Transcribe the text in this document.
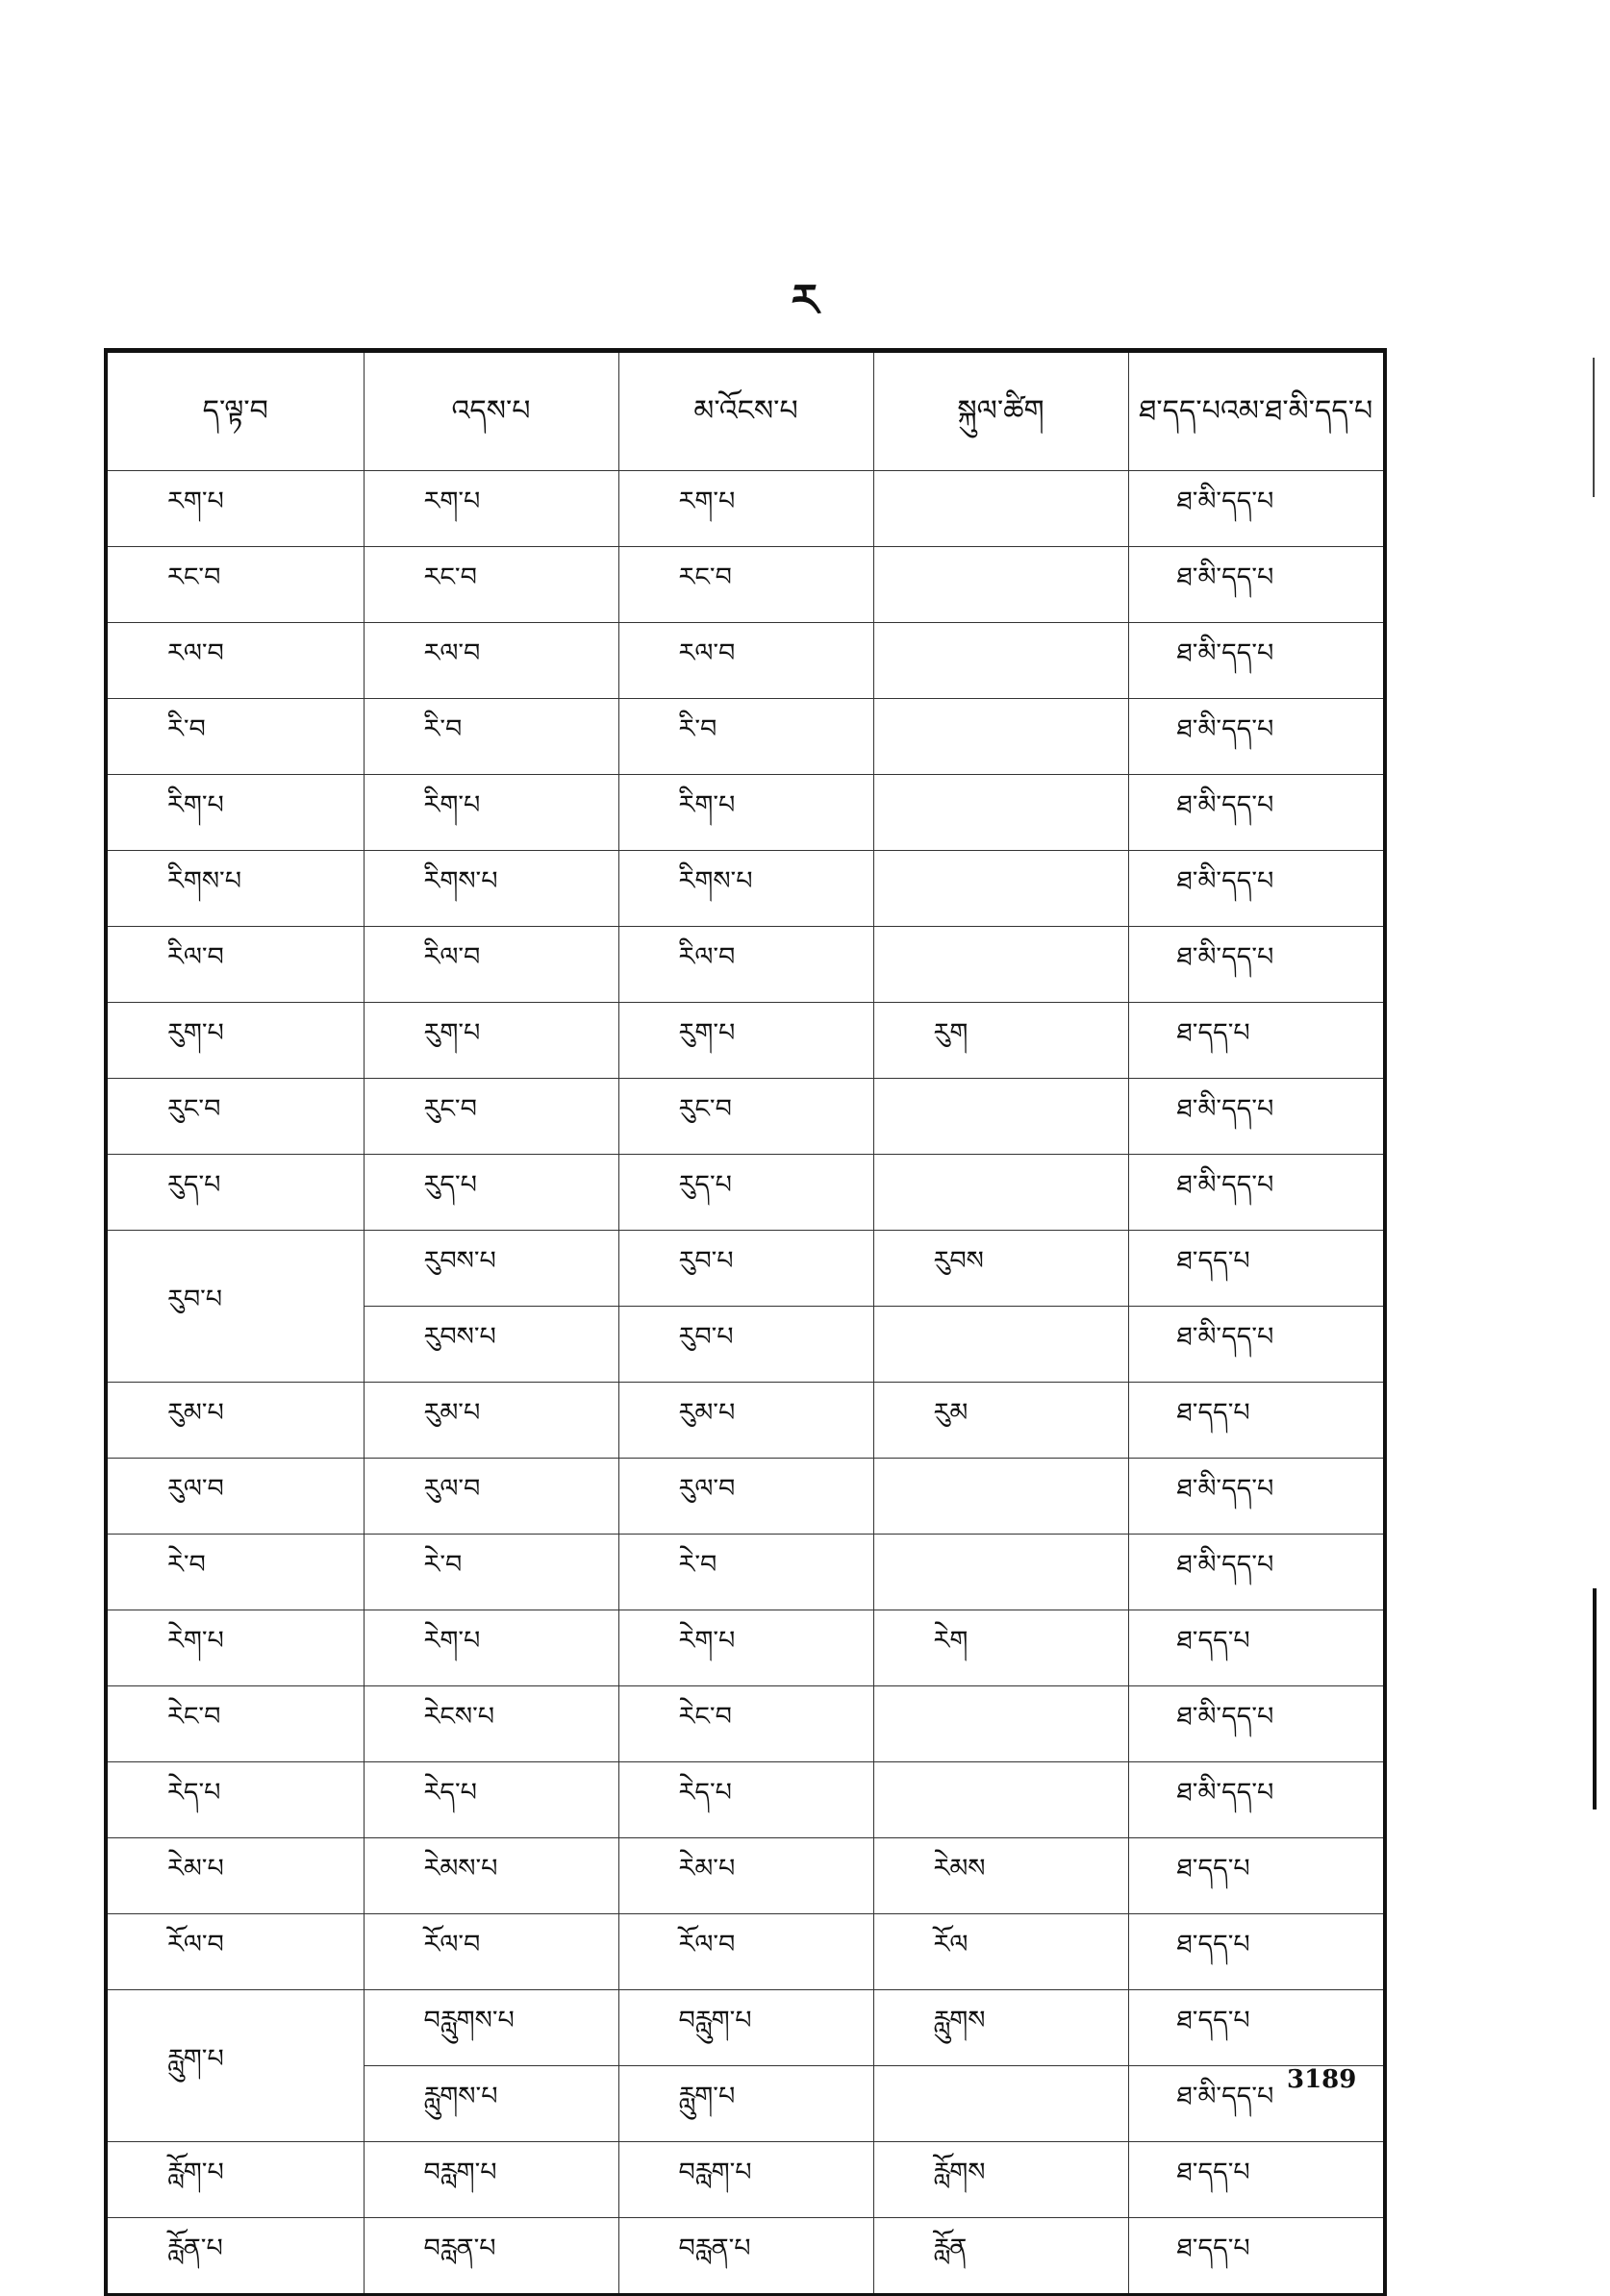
ར
ད་ལྟ་བ	འདས་པ	མ་འོངས་པ	སྐུལ་ཚིག	ཐ་དད་པའམ་ཐ་མི་དད་པ
རག་པ	རག་པ	རག་པ		ཐ་མི་དད་པ
རང་བ	རང་བ	རང་བ		ཐ་མི་དད་པ
རལ་བ	རལ་བ	རལ་བ		ཐ་མི་དད་པ
རི་བ	རི་བ	རི་བ		ཐ་མི་དད་པ
རིག་པ	རིག་པ	རིག་པ		ཐ་མི་དད་པ
རིགས་པ	རིགས་པ	རིགས་པ		ཐ་མི་དད་པ
རིལ་བ	རིལ་བ	རིལ་བ		ཐ་མི་དད་པ
རུག་པ	རུག་པ	རུག་པ	རུག	ཐ་དད་པ
རུང་བ	རུང་བ	རུང་བ		ཐ་མི་དད་པ
རུད་པ	རུད་པ	རུད་པ		ཐ་མི་དད་པ
རུབ་པ	རུབས་པ	རུབ་པ	རུབས	ཐ་དད་པ
	རུབས་པ	རུབ་པ		ཐ་མི་དད་པ
རུམ་པ	རུམ་པ	རུམ་པ	རུམ	ཐ་དད་པ
རུལ་བ	རུལ་བ	རུལ་བ		ཐ་མི་དད་པ
རེ་བ	རེ་བ	རེ་བ		ཐ་མི་དད་པ
རེག་པ	རེག་པ	རེག་པ	རེག	ཐ་དད་པ
རེང་བ	རེངས་པ	རེང་བ		ཐ་མི་དད་པ
རེད་པ	རེད་པ	རེད་པ		ཐ་མི་དད་པ
རེམ་པ	རེམས་པ	རེམ་པ	རེམས	ཐ་དད་པ
རོལ་བ	རོལ་བ	རོལ་བ	རོལ	ཐ་དད་པ
རླུག་པ	བརླུགས་པ	བརླུག་པ	རླུགས	ཐ་དད་པ
	རླུགས་པ	རླུག་པ		ཐ་མི་དད་པ
རློག་པ	བརླག་པ	བརླག་པ	རློགས	ཐ་དད་པ
རློན་པ	བརླན་པ	བརླན་པ	རློན	ཐ་དད་པ
3189
